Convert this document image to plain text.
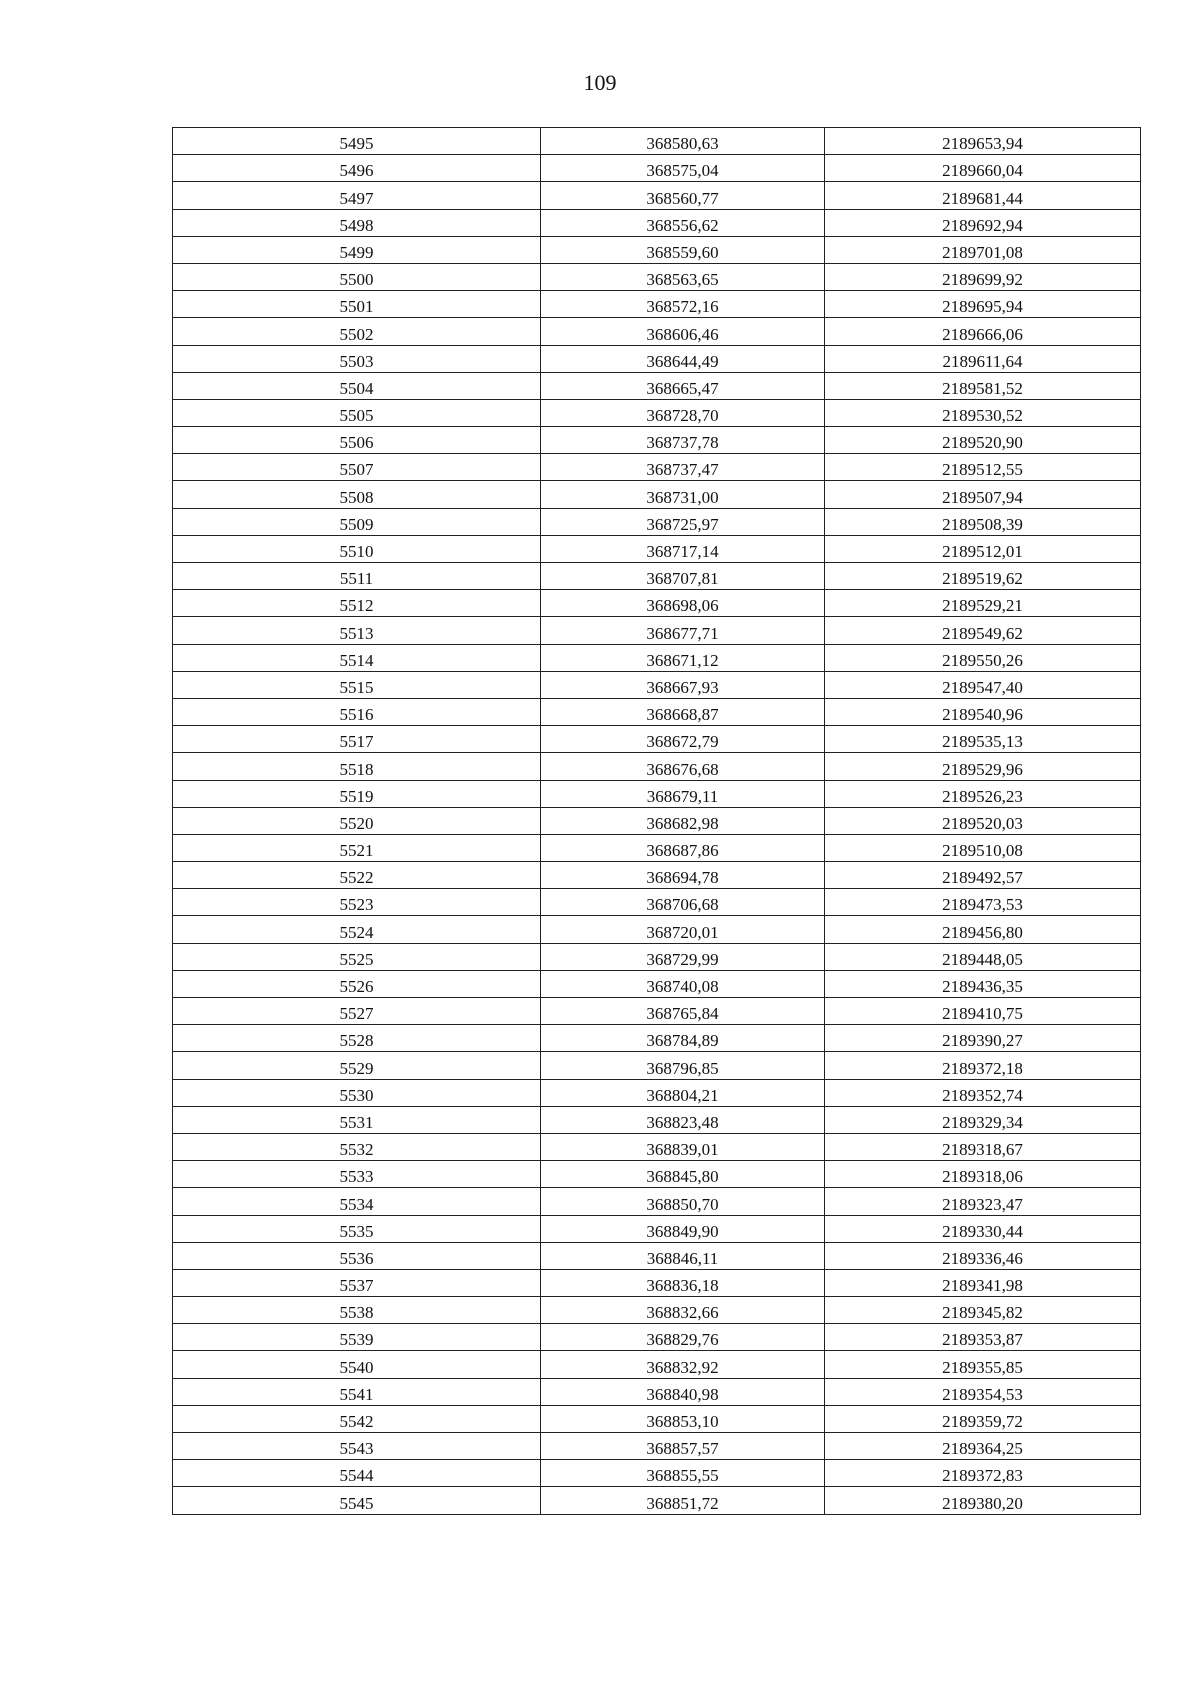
109
5495	368580,63	2189653,94
5496	368575,04	2189660,04
5497	368560,77	2189681,44
5498	368556,62	2189692,94
5499	368559,60	2189701,08
5500	368563,65	2189699,92
5501	368572,16	2189695,94
5502	368606,46	2189666,06
5503	368644,49	2189611,64
5504	368665,47	2189581,52
5505	368728,70	2189530,52
5506	368737,78	2189520,90
5507	368737,47	2189512,55
5508	368731,00	2189507,94
5509	368725,97	2189508,39
5510	368717,14	2189512,01
5511	368707,81	2189519,62
5512	368698,06	2189529,21
5513	368677,71	2189549,62
5514	368671,12	2189550,26
5515	368667,93	2189547,40
5516	368668,87	2189540,96
5517	368672,79	2189535,13
5518	368676,68	2189529,96
5519	368679,11	2189526,23
5520	368682,98	2189520,03
5521	368687,86	2189510,08
5522	368694,78	2189492,57
5523	368706,68	2189473,53
5524	368720,01	2189456,80
5525	368729,99	2189448,05
5526	368740,08	2189436,35
5527	368765,84	2189410,75
5528	368784,89	2189390,27
5529	368796,85	2189372,18
5530	368804,21	2189352,74
5531	368823,48	2189329,34
5532	368839,01	2189318,67
5533	368845,80	2189318,06
5534	368850,70	2189323,47
5535	368849,90	2189330,44
5536	368846,11	2189336,46
5537	368836,18	2189341,98
5538	368832,66	2189345,82
5539	368829,76	2189353,87
5540	368832,92	2189355,85
5541	368840,98	2189354,53
5542	368853,10	2189359,72
5543	368857,57	2189364,25
5544	368855,55	2189372,83
5545	368851,72	2189380,20
